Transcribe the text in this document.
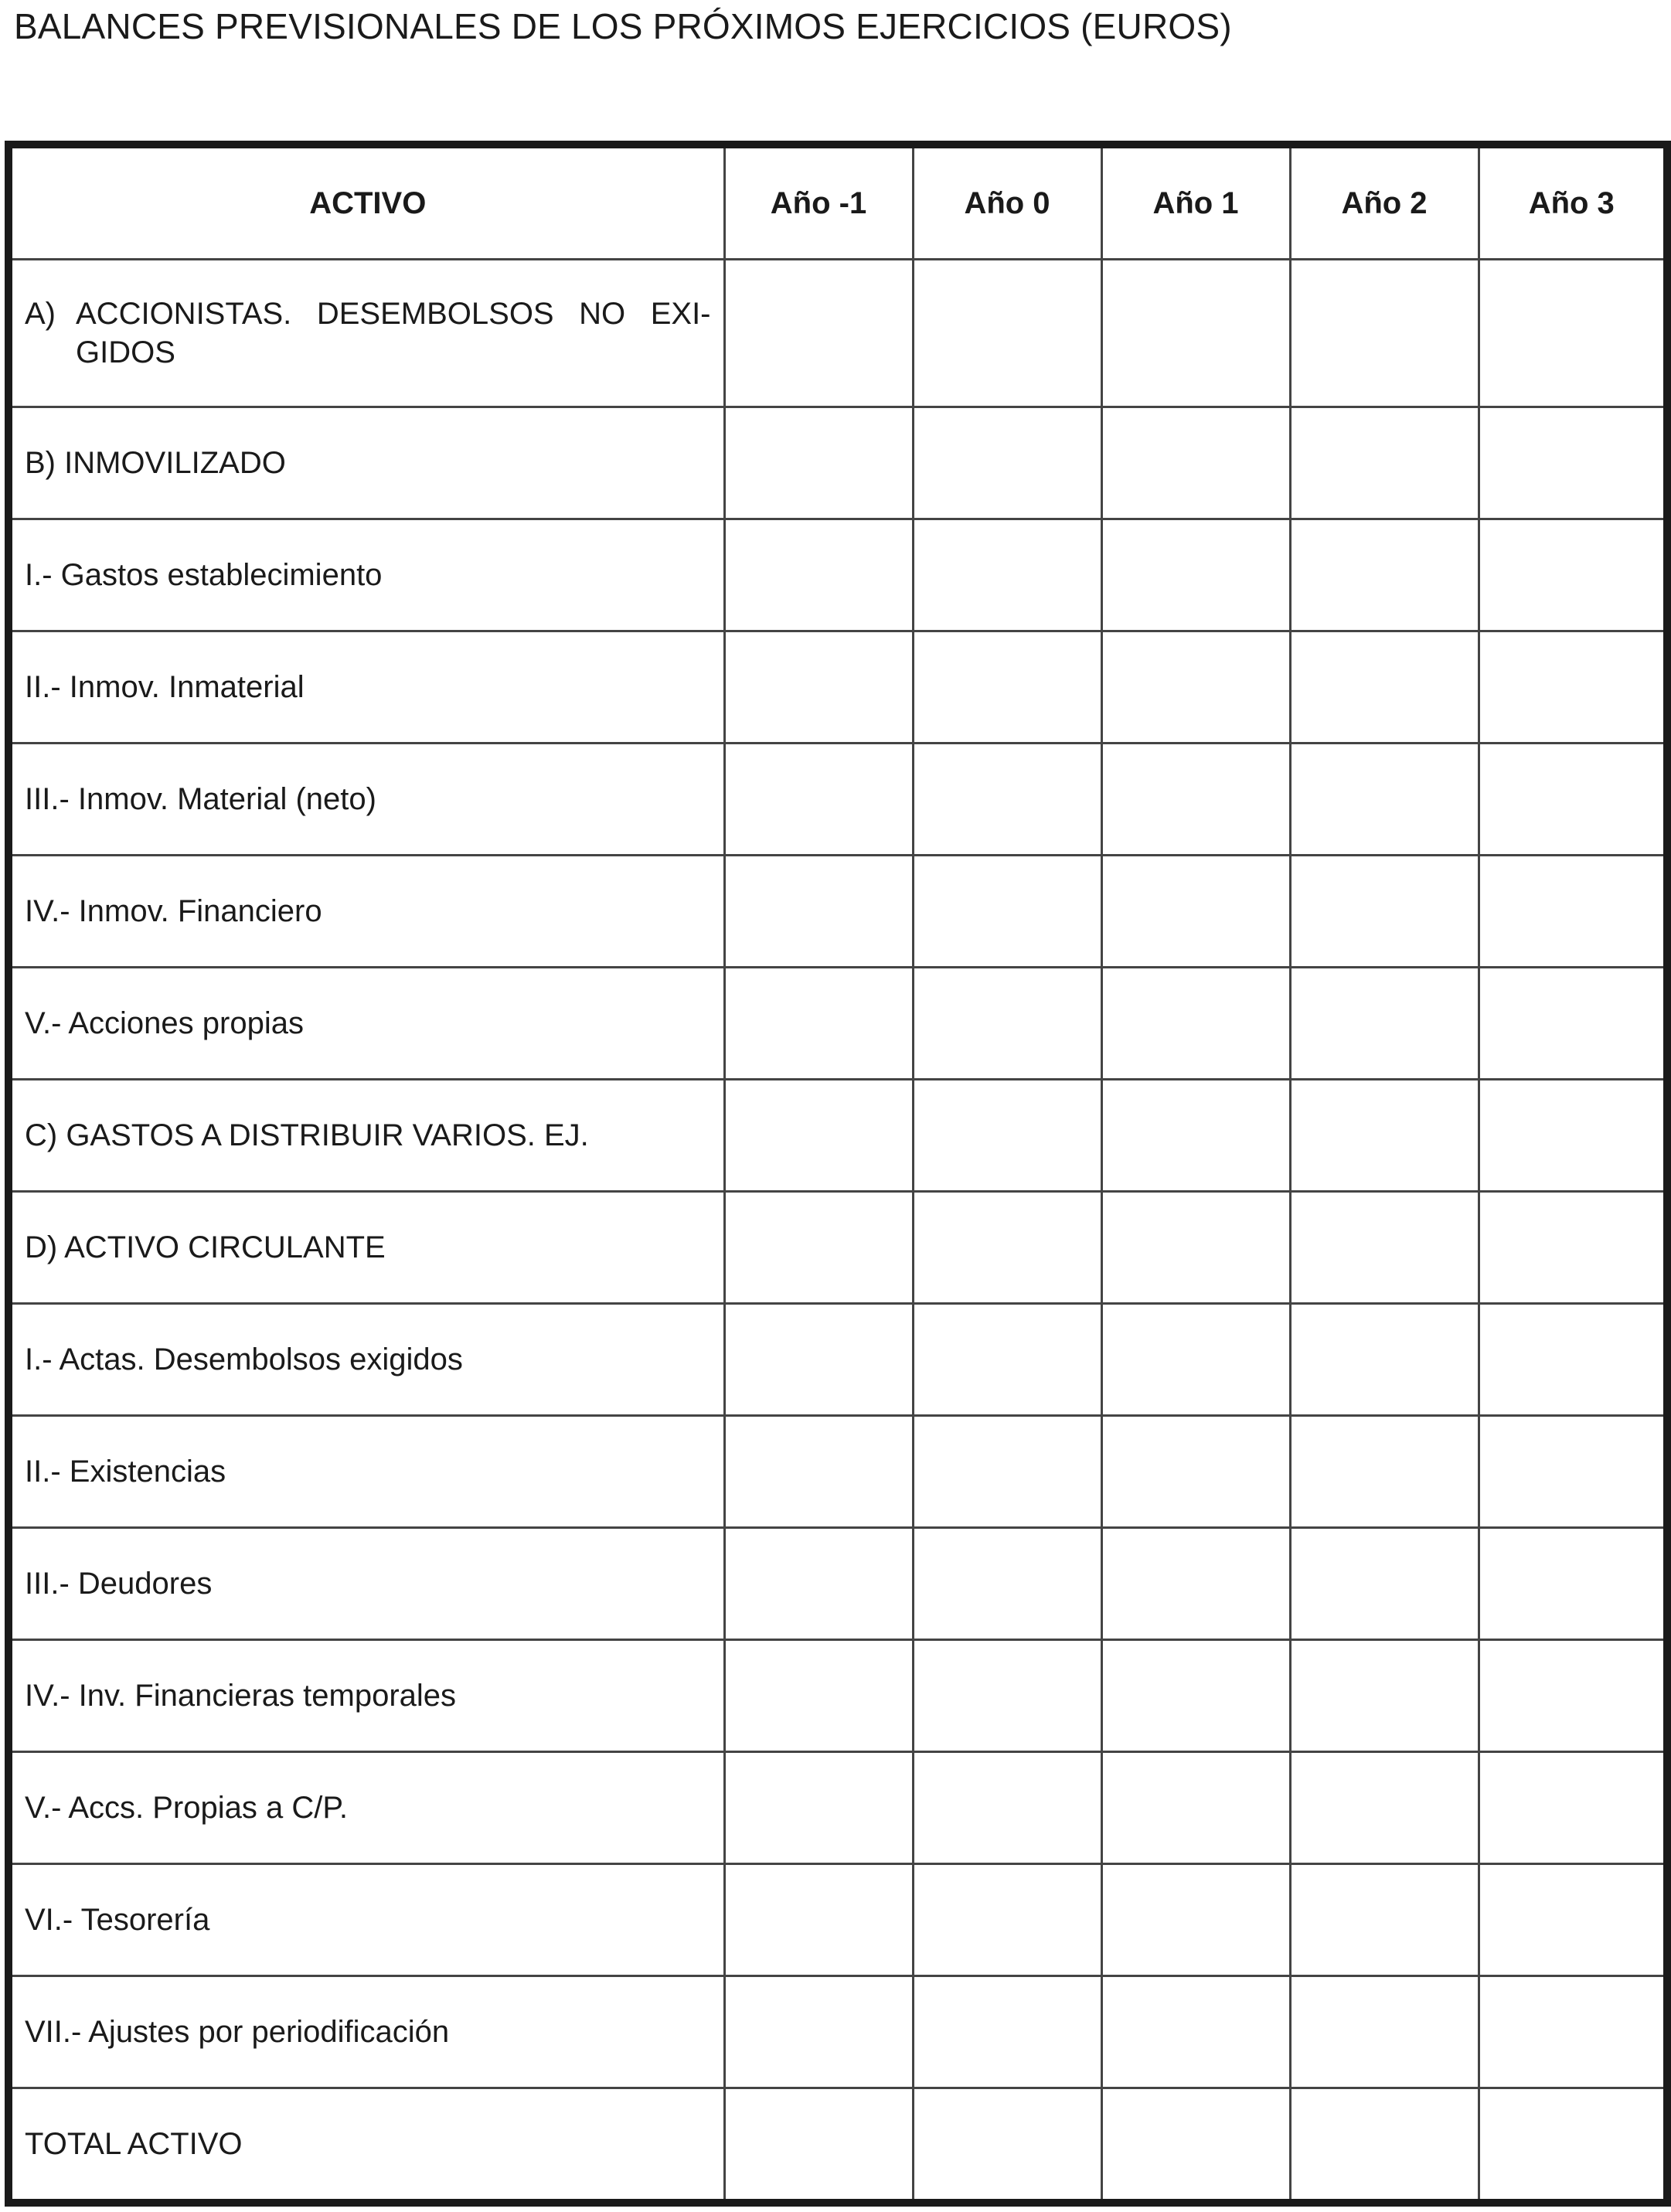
BALANCES PREVISIONALES DE LOS PRÓXIMOS EJERCICIOS (EUROS)
ACTIVO	Año -1	Año 0	Año 1	Año 2	Año 3

A) ACCIONISTAS. DESEMBOLSOS NO EXI- GIDOS					

B) INMOVILIZADO					
I.- Gastos establecimiento					
II.- Inmov. Inmaterial					
III.- Inmov. Material (neto)					
IV.- Inmov. Financiero					
V.- Acciones propias					
C) GASTOS A DISTRIBUIR VARIOS. EJ.					
D) ACTIVO CIRCULANTE					
I.- Actas. Desembolsos exigidos					
II.- Existencias					
III.- Deudores					
IV.- Inv. Financieras temporales					
V.- Accs. Propias a C/P.					
VI.- Tesorería					
VII.- Ajustes por periodificación					
TOTAL ACTIVO					
